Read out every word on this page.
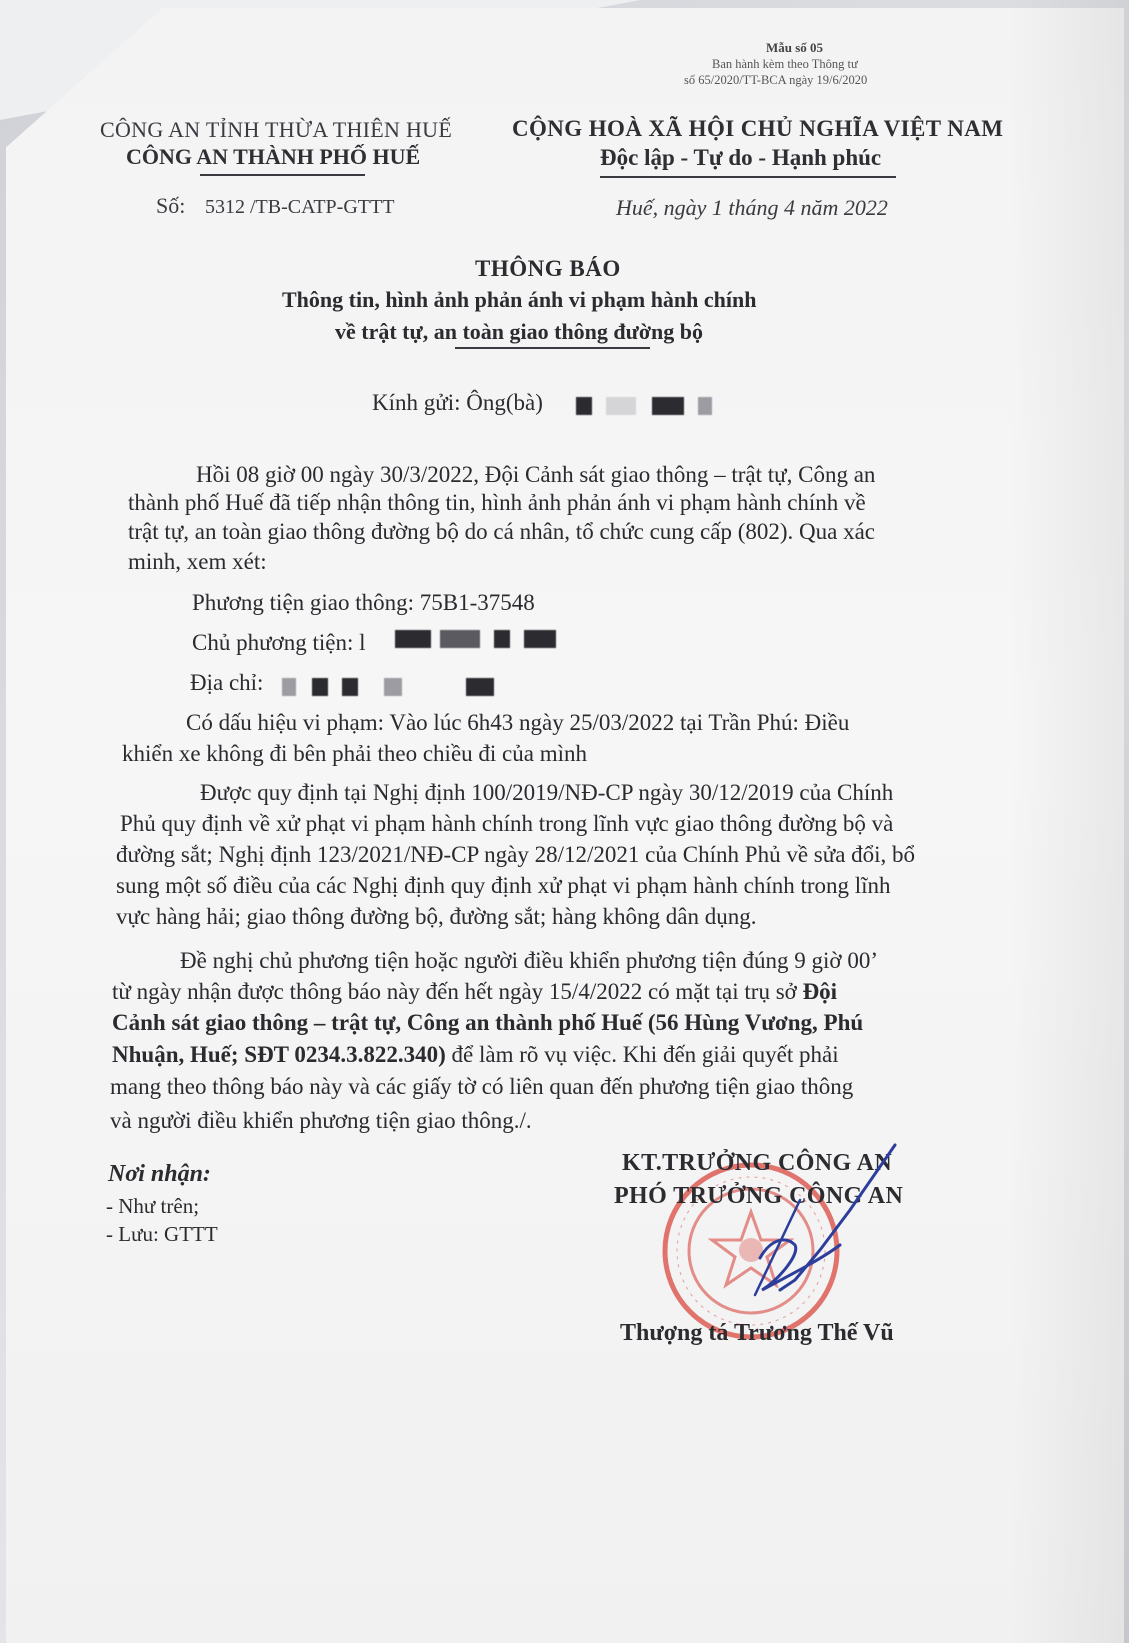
Mẫu số 05
Ban hành kèm theo Thông tư
số 65/2020/TT-BCA ngày 19/6/2020
CÔNG AN TỈNH THỪA THIÊN HUẾ
CÔNG AN THÀNH PHỐ HUẾ
Số: 5312 /TB-CATP-GTTT
CỘNG HOÀ XÃ HỘI CHỦ NGHĨA VIỆT NAM
Độc lập - Tự do - Hạnh phúc
Huế, ngày 1 tháng 4 năm 2022
THÔNG BÁO
Thông tin, hình ảnh phản ánh vi phạm hành chính
về trật tự, an toàn giao thông đường bộ
Kính gửi: Ông(bà)
Hồi 08 giờ 00 ngày 30/3/2022, Đội Cảnh sát giao thông – trật tự, Công an
thành phố Huế đã tiếp nhận thông tin, hình ảnh phản ánh vi phạm hành chính về
trật tự, an toàn giao thông đường bộ do cá nhân, tổ chức cung cấp (802). Qua xác
minh, xem xét:
Phương tiện giao thông: 75B1-37548
Chủ phương tiện: l
Địa chỉ:
Có dấu hiệu vi phạm: Vào lúc 6h43 ngày 25/03/2022 tại Trần Phú: Điều
khiển xe không đi bên phải theo chiều đi của mình
Được quy định tại Nghị định 100/2019/NĐ-CP ngày 30/12/2019 của Chính
Phủ quy định về xử phạt vi phạm hành chính trong lĩnh vực giao thông đường bộ và
đường sắt; Nghị định 123/2021/NĐ-CP ngày 28/12/2021 của Chính Phủ về sửa đổi, bổ
sung một số điều của các Nghị định quy định xử phạt vi phạm hành chính trong lĩnh
vực hàng hải; giao thông đường bộ, đường sắt; hàng không dân dụng.
Đề nghị chủ phương tiện hoặc người điều khiển phương tiện đúng 9 giờ 00’
từ ngày nhận được thông báo này đến hết ngày 15/4/2022 có mặt tại trụ sở Đội
Cảnh sát giao thông – trật tự, Công an thành phố Huế (56 Hùng Vương, Phú
Nhuận, Huế; SĐT 0234.3.822.340) để làm rõ vụ việc. Khi đến giải quyết phải
mang theo thông báo này và các giấy tờ có liên quan đến phương tiện giao thông
và người điều khiển phương tiện giao thông./.
Nơi nhận:
- Như trên;
- Lưu: GTTT
KT.TRƯỞNG CÔNG AN
PHÓ TRƯỞNG CÔNG AN
Thượng tá Trương Thế Vũ
